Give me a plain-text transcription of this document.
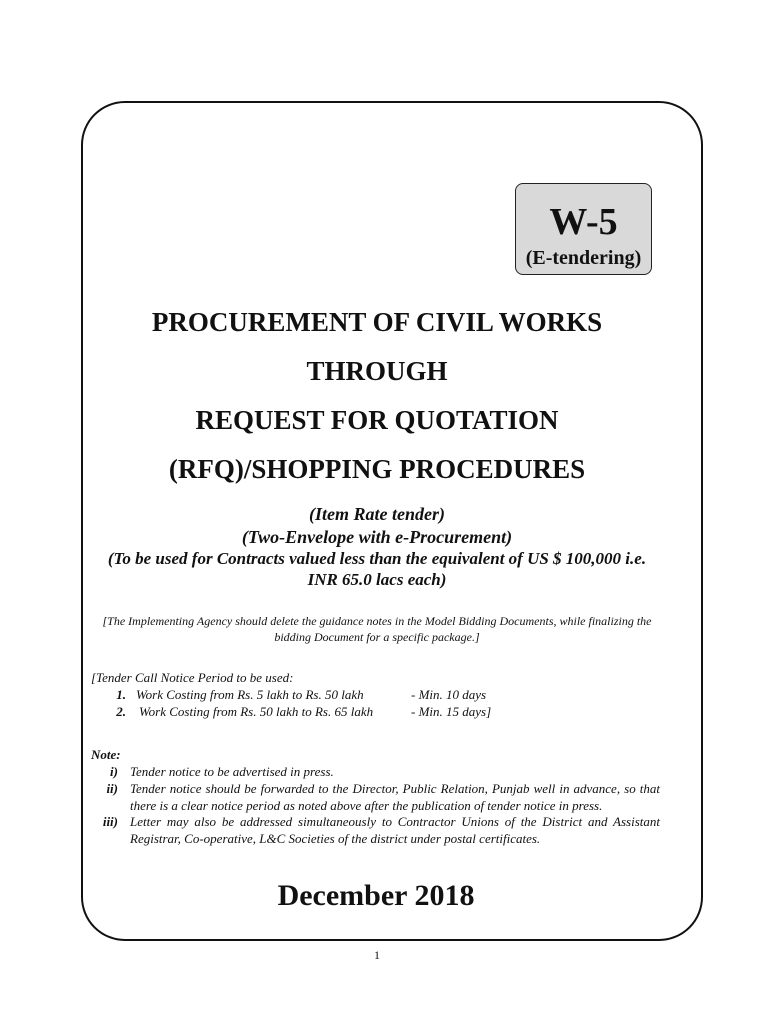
W-5
(E-tendering)
PROCUREMENT OF CIVIL WORKS
THROUGH
REQUEST FOR QUOTATION
(RFQ)/SHOPPING PROCEDURES
(Item Rate tender)
(Two-Envelope with e-Procurement)
(To be used for Contracts valued less than the equivalent of US $ 100,000 i.e.
INR 65.0 lacs each)
[The Implementing Agency should delete the guidance notes in the Model Bidding Documents, while finalizing the bidding Document for a specific package.]
[Tender Call Notice Period to be used:
1. Work Costing from Rs. 5 lakh to Rs. 50 lakh	- Min. 10 days
2. Work Costing from Rs. 50 lakh to Rs. 65 lakh	- Min. 15 days]
Note:
i) Tender notice to be advertised in press.
ii) Tender notice should be forwarded to the Director, Public Relation, Punjab well in advance, so that there is a clear notice period as noted above after the publication of tender notice in press.
iii) Letter may also be addressed simultaneously to Contractor Unions of the District and Assistant Registrar, Co-operative, L&C Societies of the district under postal certificates.
December 2018
1
